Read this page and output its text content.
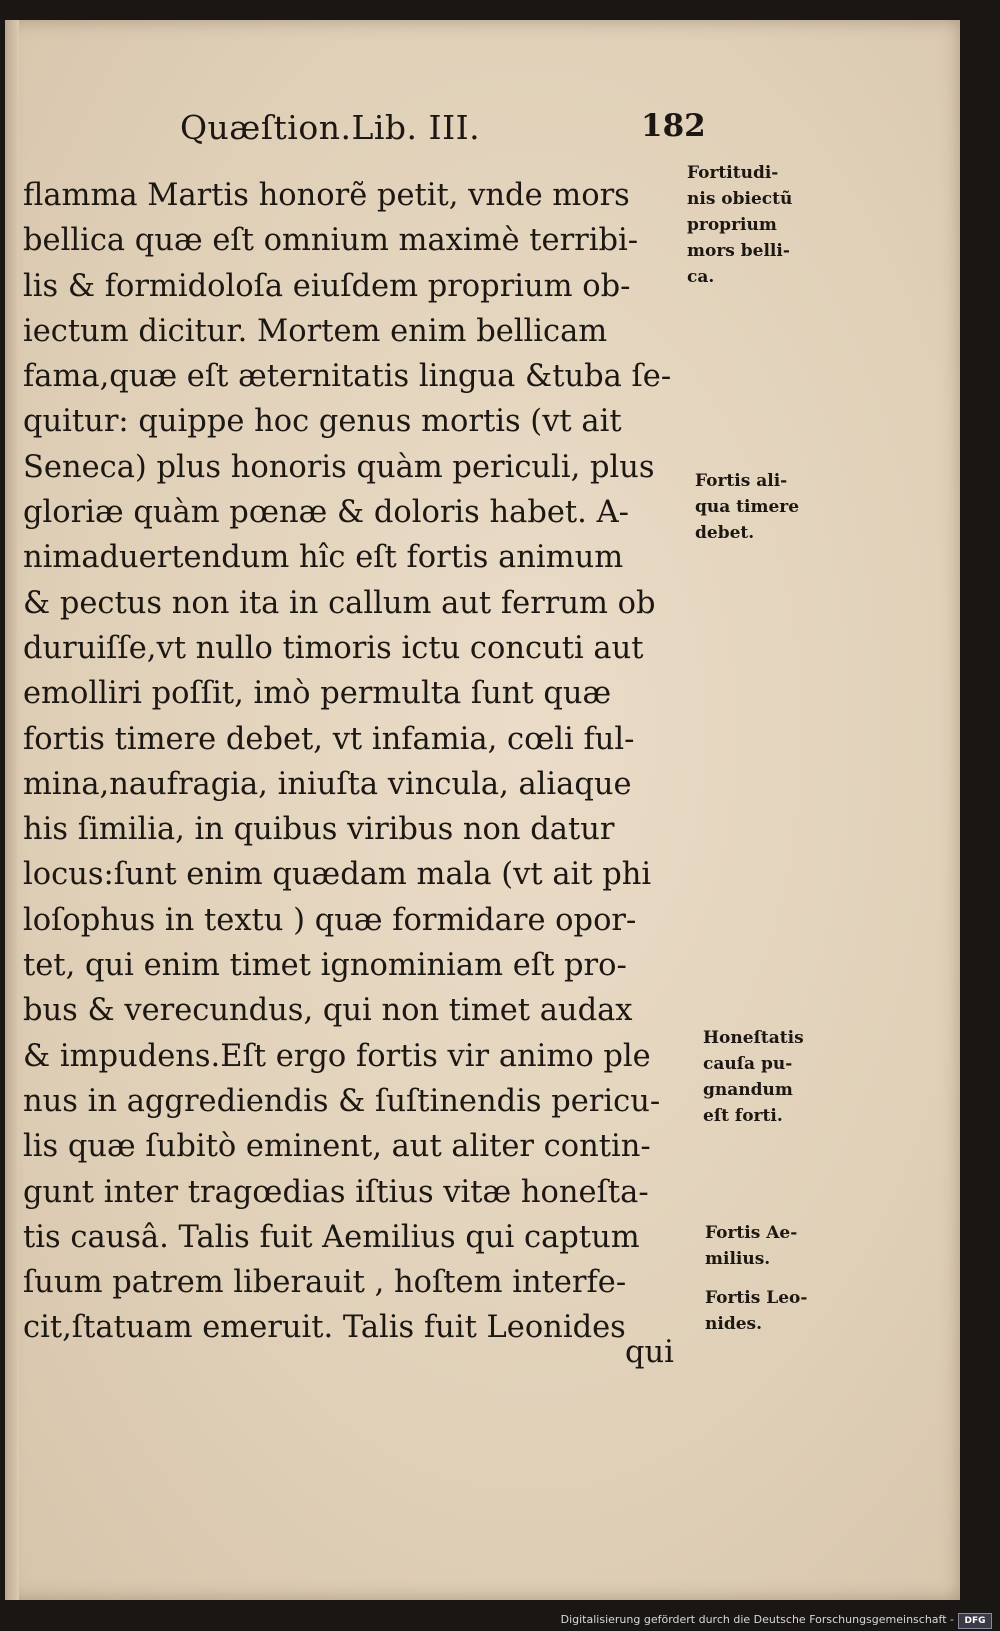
Quæſtion.Lib. III.	182
flamma Martis honorẽ petit, vnde mors
bellica quæ eſt omnium maximè terribi-
lis & formidoloſa eiuſdem proprium ob-
iectum dicitur. Mortem enim bellicam
fama,quæ eſt æternitatis lingua &tuba ſe-
quitur: quippe hoc genus mortis (vt ait
Seneca) plus honoris quàm periculi, plus
gloriæ quàm pœnæ & doloris habet. A-
nimaduertendum hîc eſt fortis animum
& pectus non ita in callum aut ferrum ob
duruiſſe,vt nullo timoris ictu concuti aut
emolliri poſſit, imò permulta ſunt quæ
fortis timere debet, vt infamia, cœli ful-
mina,naufragia, iniuſta vincula, aliaque
his ſimilia, in quibus viribus non datur
locus:ſunt enim quædam mala (vt ait phi
loſophus in textu ) quæ formidare opor-
tet, qui enim timet ignominiam eſt pro-
bus & verecundus, qui non timet audax
& impudens.Eſt ergo fortis vir animo ple
nus in aggrediendis & ſuſtinendis pericu-
lis quæ ſubitò eminent, aut aliter contin-
gunt inter tragœdias iſtius vitæ honeſta-
tis causâ. Talis fuit Aemilius qui captum
ſuum patrem liberauit , hoſtem interfe-
cit,ſtatuam emeruit. Talis fuit Leonides
qui
Fortitudi-
nis obiectũ
proprium
mors belli-
ca.
Fortis ali-
qua timere
debet.
Honeſtatis
cauſa pu-
gnandum
eſt forti.
Fortis Ae-
milius.
Fortis Leo-
nides.
Digitalisierung gefördert durch die Deutsche Forschungsgemeinschaft -	DFG
